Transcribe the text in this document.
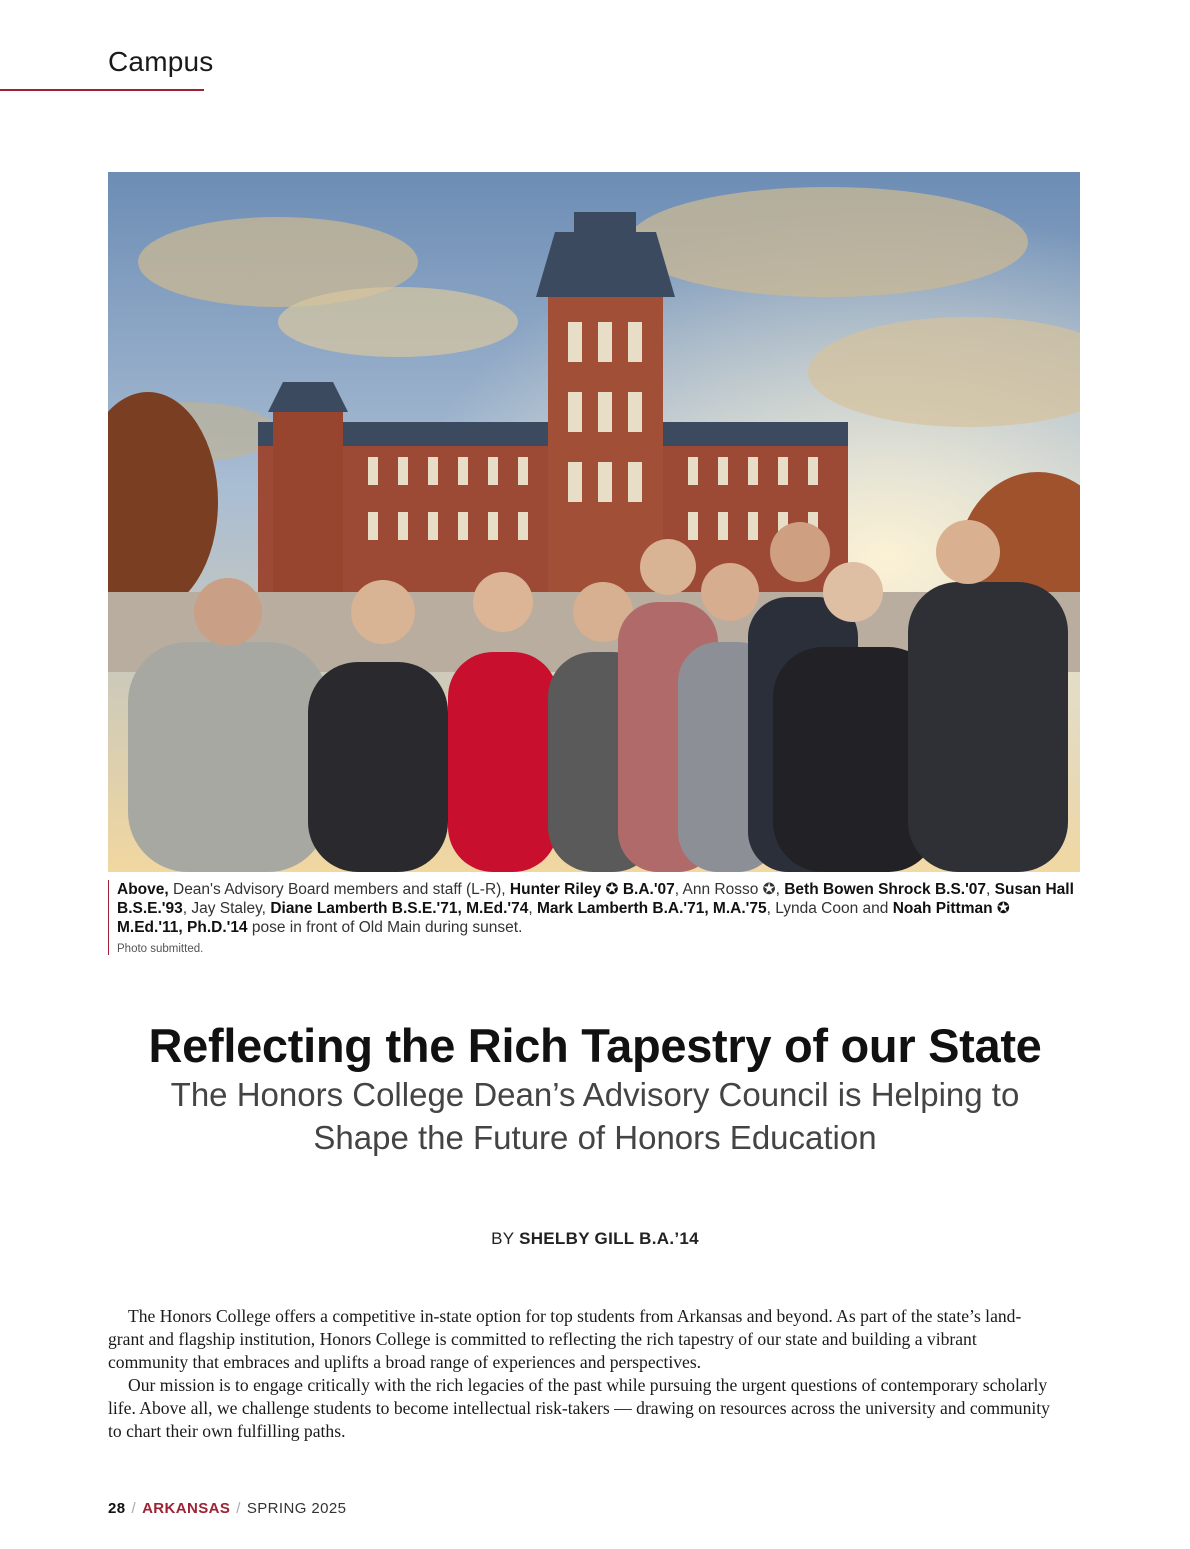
Campus
Above, Dean's Advisory Board members and staff (L-R), Hunter Riley ✪ B.A.'07, Ann Rosso ✪, Beth Bowen Shrock B.S.'07, Susan Hall B.S.E.'93, Jay Staley, Diane Lamberth B.S.E.'71, M.Ed.'74, Mark Lamberth B.A.'71, M.A.'75, Lynda Coon and Noah Pittman ✪ M.Ed.'11, Ph.D.'14 pose in front of Old Main during sunset.
Photo submitted.
Reflecting the Rich Tapestry of our State
The Honors College Dean’s Advisory Council is Helping to Shape the Future of Honors Education
BY SHELBY GILL B.A.’14

The Honors College offers a competitive in-state option for top students from Arkansas and beyond. As part of the state’s land-grant and flagship institution, Honors College is committed to reflecting the rich tapestry of our state and building a vibrant community that embraces and uplifts a broad range of experiences and perspectives.

Our mission is to engage critically with the rich legacies of the past while pursuing the urgent questions of contemporary scholarly life. Above all, we challenge students to become intellectual risk-takers — drawing on resources across the university and community to chart their own fulfilling paths.

28 / ARKANSAS / SPRING 2025
